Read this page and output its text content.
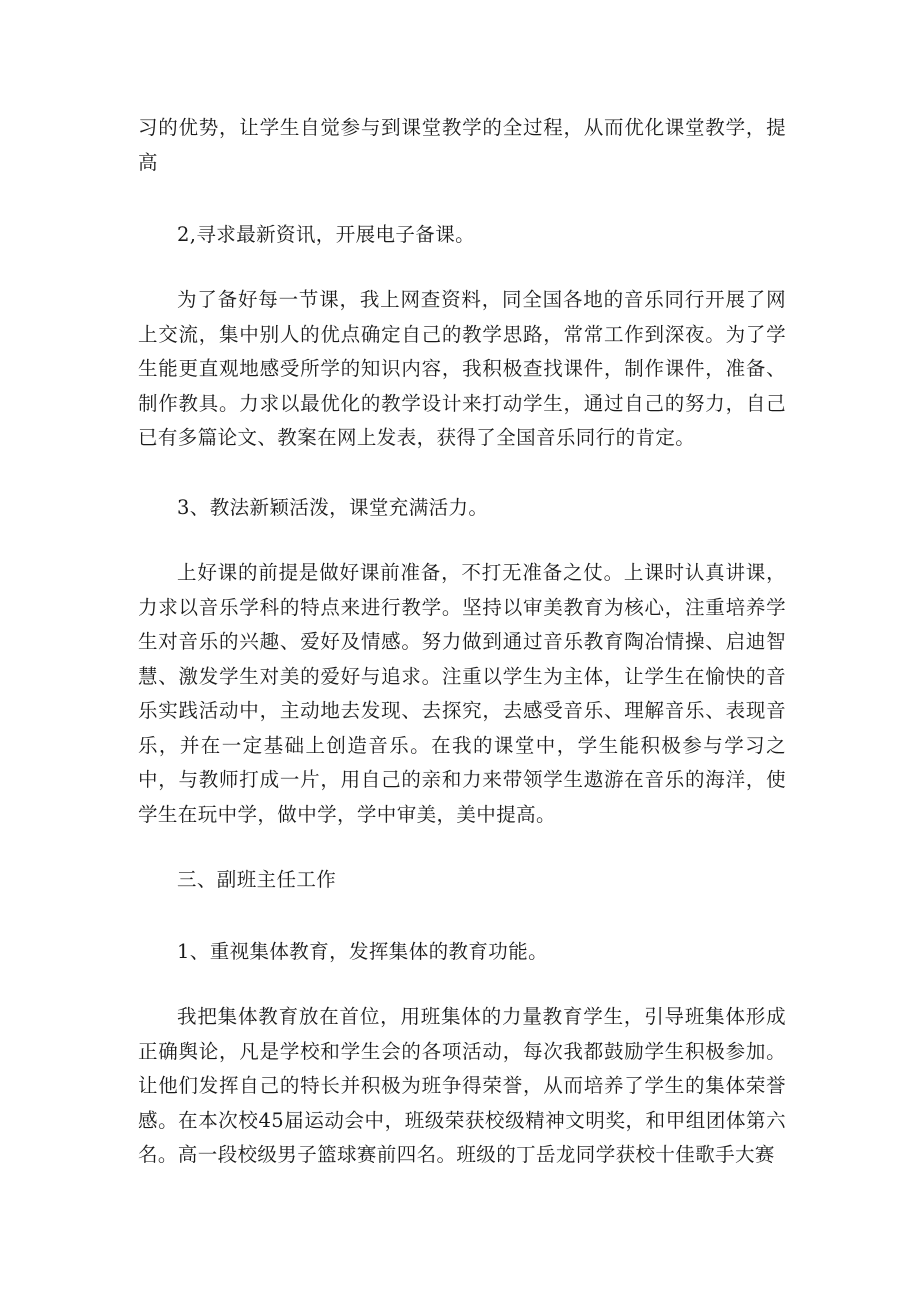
习的优势，让学生自觉参与到课堂教学的全过程，从而优化课堂教学，提高

2,寻求最新资讯，开展电子备课。

为了备好每一节课，我上网查资料，同全国各地的音乐同行开展了网上交流，集中别人的优点确定自己的教学思路，常常工作到深夜。为了学生能更直观地感受所学的知识内容，我积极查找课件，制作课件，准备、制作教具。力求以最优化的教学设计来打动学生，通过自己的努力，自己已有多篇论文、教案在网上发表，获得了全国音乐同行的肯定。

3、教法新颖活泼，课堂充满活力。

上好课的前提是做好课前准备，不打无准备之仗。上课时认真讲课，力求以音乐学科的特点来进行教学。坚持以审美教育为核心，注重培养学生对音乐的兴趣、爱好及情感。努力做到通过音乐教育陶冶情操、启迪智慧、激发学生对美的爱好与追求。注重以学生为主体，让学生在愉快的音乐实践活动中，主动地去发现、去探究，去感受音乐、理解音乐、表现音乐，并在一定基础上创造音乐。在我的课堂中，学生能积极参与学习之中，与教师打成一片，用自己的亲和力来带领学生遨游在音乐的海洋，使学生在玩中学，做中学，学中审美，美中提高。

三、副班主任工作

1、重视集体教育，发挥集体的教育功能。

我把集体教育放在首位，用班集体的力量教育学生，引导班集体形成正确舆论，凡是学校和学生会的各项活动，每次我都鼓励学生积极参加。让他们发挥自己的特长并积极为班争得荣誉，从而培养了学生的集体荣誉感。在本次校45届运动会中，班级荣获校级精神文明奖，和甲组团体第六名。高一段校级男子篮球赛前四名。班级的丁岳龙同学获校十佳歌手大赛
